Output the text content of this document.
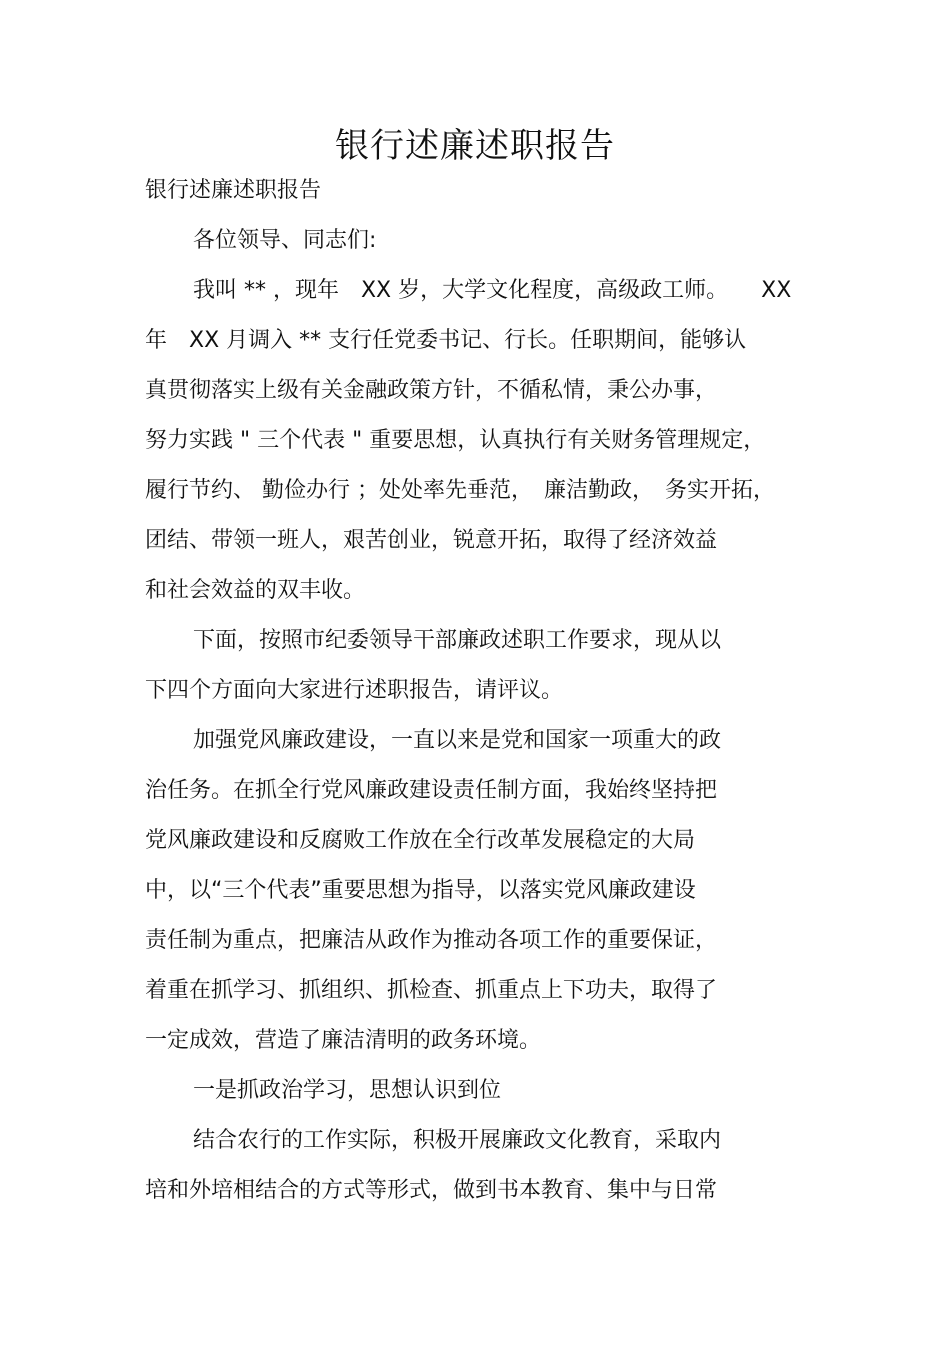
银行述廉述职报告

银行述廉述职报告

各位领导、同志们:

我叫 ** ，现年　XX 岁，大学文化程度，高级政工师。　　XX

年　XX 月调入 ** 支行任党委书记、行长。任职期间，能够认

真贯彻落实上级有关金融政策方针，不循私情，秉公办事，

努力实践 " 三个代表 " 重要思想，认真执行有关财务管理规定，

履行节约、 勤俭办行 ；处处率先垂范，　廉洁勤政，　务实开拓，

团结、带领一班人，艰苦创业，锐意开拓，取得了经济效益

和社会效益的双丰收。

下面，按照市纪委领导干部廉政述职工作要求，现从以

下四个方面向大家进行述职报告，请评议。

加强党风廉政建设，一直以来是党和国家一项重大的政

治任务。在抓全行党风廉政建设责任制方面，我始终坚持把

党风廉政建设和反腐败工作放在全行改革发展稳定的大局

中，以“三个代表”重要思想为指导，以落实党风廉政建设

责任制为重点，把廉洁从政作为推动各项工作的重要保证，

着重在抓学习、抓组织、抓检查、抓重点上下功夫，取得了

一定成效，营造了廉洁清明的政务环境。

一是抓政治学习，思想认识到位

结合农行的工作实际，积极开展廉政文化教育，采取内

培和外培相结合的方式等形式，做到书本教育、集中与日常
